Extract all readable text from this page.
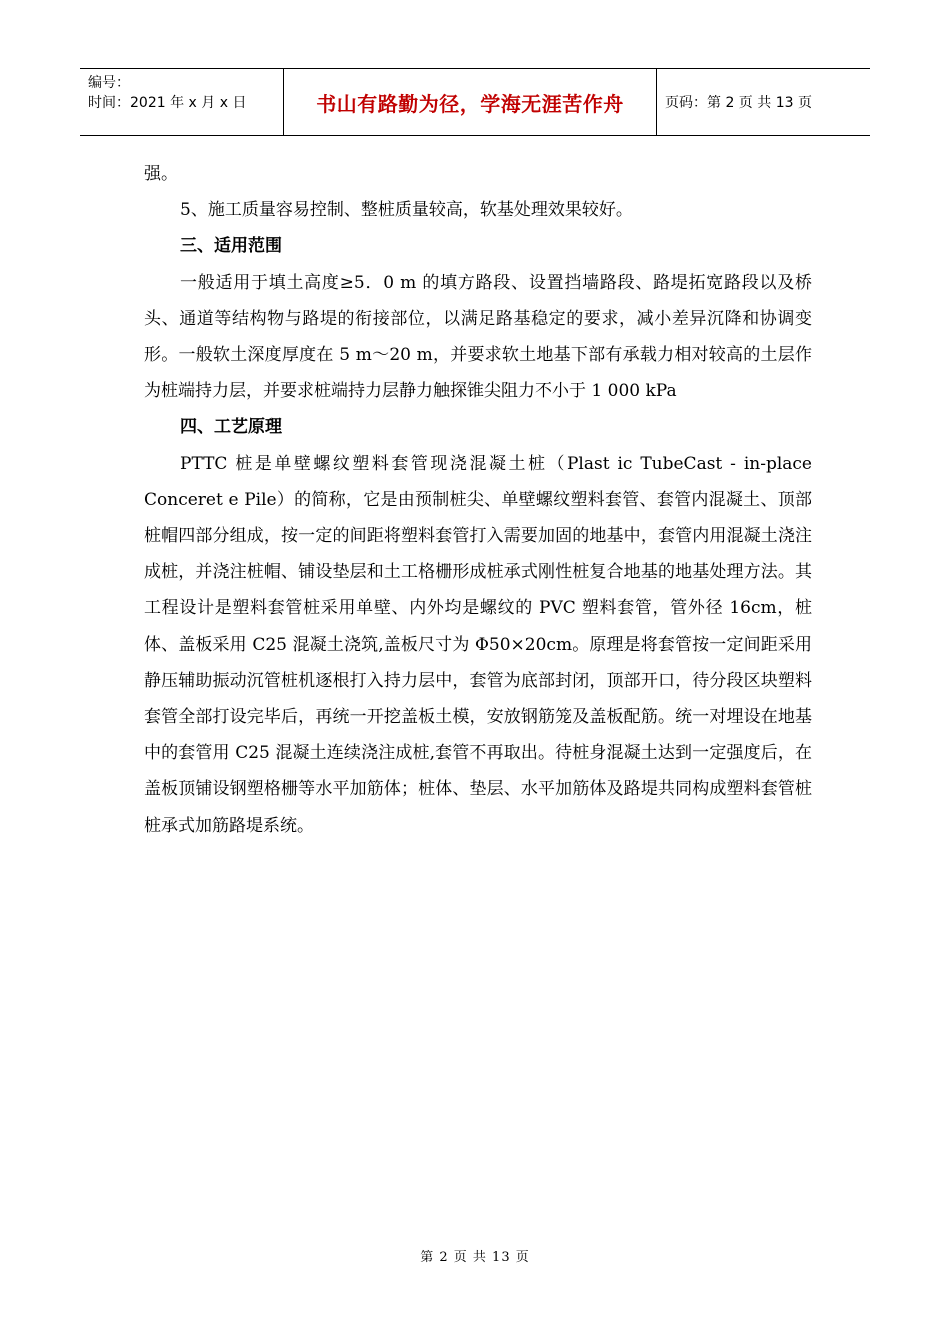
编号：
时间：2021 年 x 月 x 日	书山有路勤为径，学海无涯苦作舟	页码：第 2 页 共 13 页

强。

5、施工质量容易控制、整桩质量较高，软基处理效果较好。

三、适用范围

一般适用于填土高度≥5．0 m 的填方路段、设置挡墙路段、路堤拓宽路段以及桥头、通道等结构物与路堤的衔接部位，以满足路基稳定的要求，减小差异沉降和协调变形。一般软土深度厚度在 5 m～20 m，并要求软土地基下部有承载力相对较高的土层作为桩端持力层，并要求桩端持力层静力触探锥尖阻力不小于 1 000 kPa

四、工艺原理

PTTC 桩是单壁螺纹塑料套管现浇混凝土桩（Plast ic TubeCast - in-place Conceret e Pile）的简称，它是由预制桩尖、单壁螺纹塑料套管、套管内混凝土、顶部桩帽四部分组成，按一定的间距将塑料套管打入需要加固的地基中，套管内用混凝土浇注成桩，并浇注桩帽、铺设垫层和土工格栅形成桩承式刚性桩复合地基的地基处理方法。其工程设计是塑料套管桩采用单壁、内外均是螺纹的 PVC 塑料套管，管外径 16cm，桩体、盖板采用 C25 混凝土浇筑,盖板尺寸为 Φ50×20cm。原理是将套管按一定间距采用静压辅助振动沉管桩机逐根打入持力层中，套管为底部封闭，顶部开口，待分段区块塑料套管全部打设完毕后，再统一开挖盖板土模，安放钢筋笼及盖板配筋。统一对埋设在地基中的套管用 C25 混凝土连续浇注成桩,套管不再取出。待桩身混凝土达到一定强度后，在盖板顶铺设钢塑格栅等水平加筋体；桩体、垫层、水平加筋体及路堤共同构成塑料套管桩桩承式加筋路堤系统。

第 2 页 共 13 页
